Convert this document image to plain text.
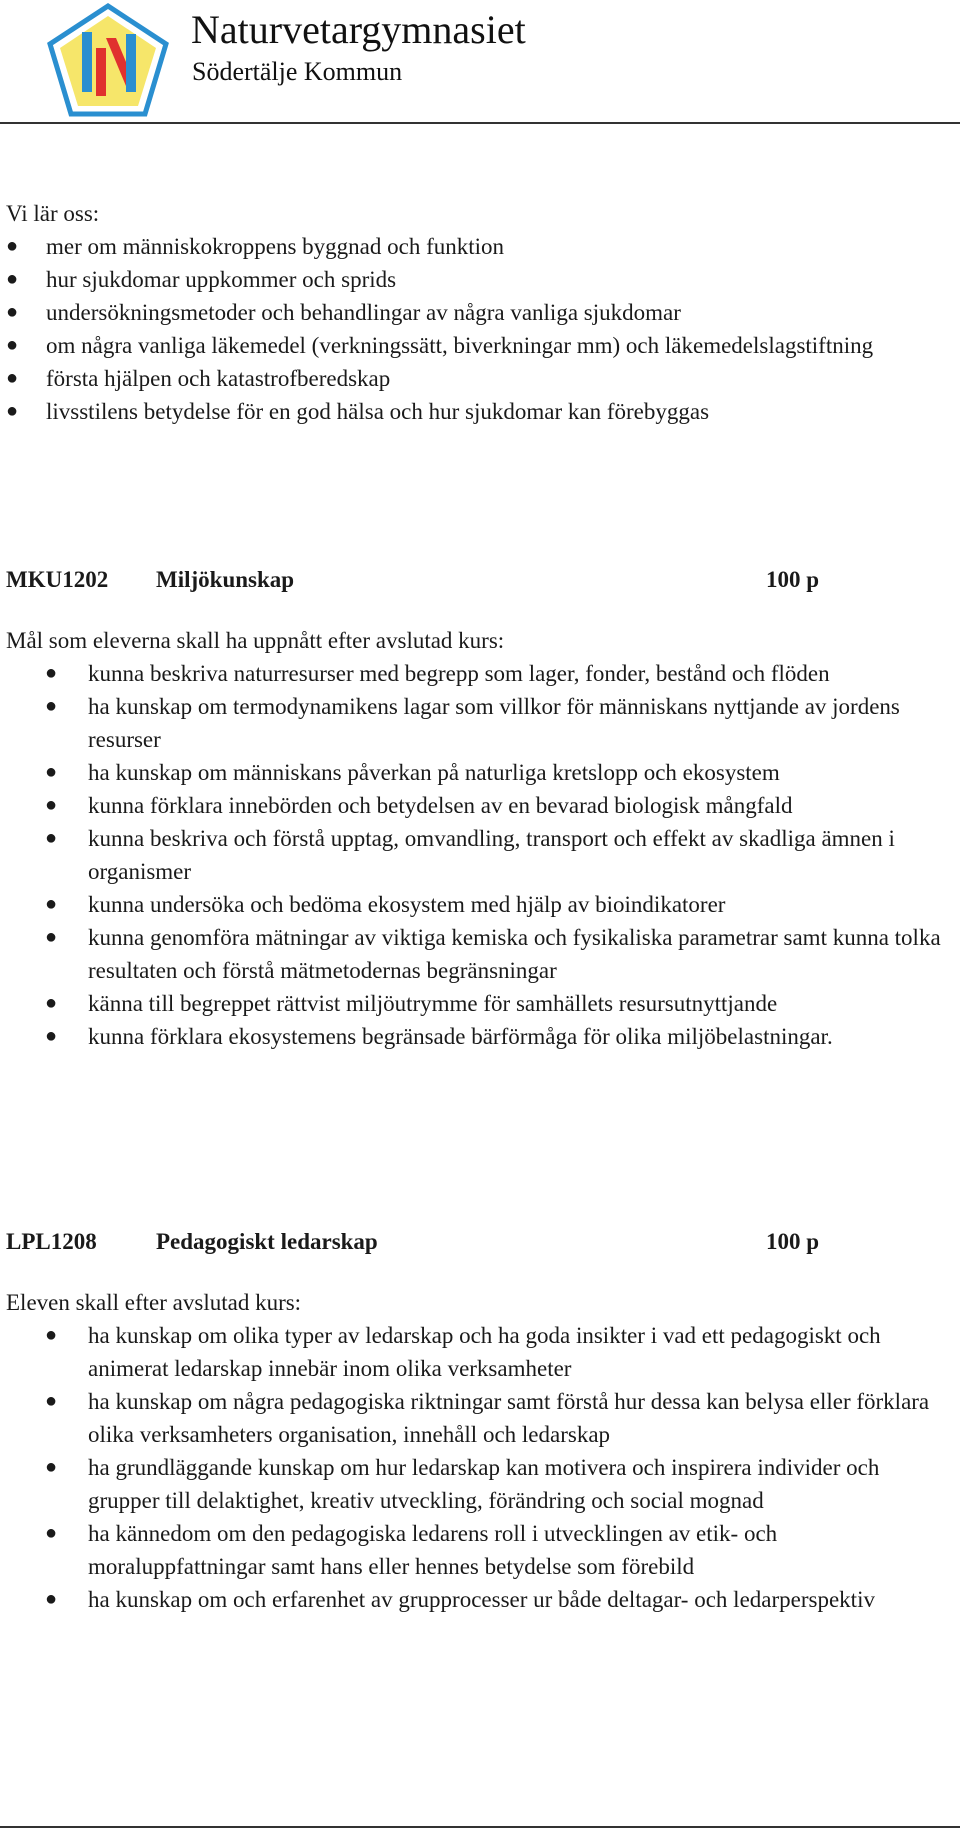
Naturvetargymnasiet
Södertälje Kommun
Vi lär oss:
●	mer om människokroppens byggnad och funktion
●	hur sjukdomar uppkommer och sprids
●	undersökningsmetoder och behandlingar av några vanliga sjukdomar
●	om några vanliga läkemedel (verkningssätt, biverkningar mm) och läkemedelslagstiftning
●	första hjälpen och katastrofberedskap
●	livsstilens betydelse för en god hälsa och hur sjukdomar kan förebyggas
MKU1202 Miljökunskap	100 p
Mål som eleverna skall ha uppnått efter avslutad kurs:
● kunna beskriva naturresurser med begrepp som lager, fonder, bestånd och flöden
● ha kunskap om termodynamikens lagar som villkor för människans nyttjande av jordens resurser
● ha kunskap om människans påverkan på naturliga kretslopp och ekosystem
● kunna förklara innebörden och betydelsen av en bevarad biologisk mångfald
● kunna beskriva och förstå upptag, omvandling, transport och effekt av skadliga ämnen i organismer
● kunna undersöka och bedöma ekosystem med hjälp av bioindikatorer
● kunna genomföra mätningar av viktiga kemiska och fysikaliska parametrar samt kunna tolka resultaten och förstå mätmetodernas begränsningar
● känna till begreppet rättvist miljöutrymme för samhällets resursutnyttjande
● kunna förklara ekosystemens begränsade bärförmåga för olika miljöbelastningar.
LPL1208	Pedagogiskt ledarskap	100 p
Eleven skall efter avslutad kurs:
● ha kunskap om olika typer av ledarskap och ha goda insikter i vad ett pedagogiskt och animerat ledarskap innebär inom olika verksamheter
● ha kunskap om några pedagogiska riktningar samt förstå hur dessa kan belysa eller förklara olika verksamheters organisation, innehåll och ledarskap
● ha grundläggande kunskap om hur ledarskap kan motivera och inspirera individer och grupper till delaktighet, kreativ utveckling, förändring och social mognad
● ha kännedom om den pedagogiska ledarens roll i utvecklingen av etik- och moraluppfattningar samt hans eller hennes betydelse som förebild
● ha kunskap om och erfarenhet av grupprocesser ur både deltagar- och ledarperspektiv
